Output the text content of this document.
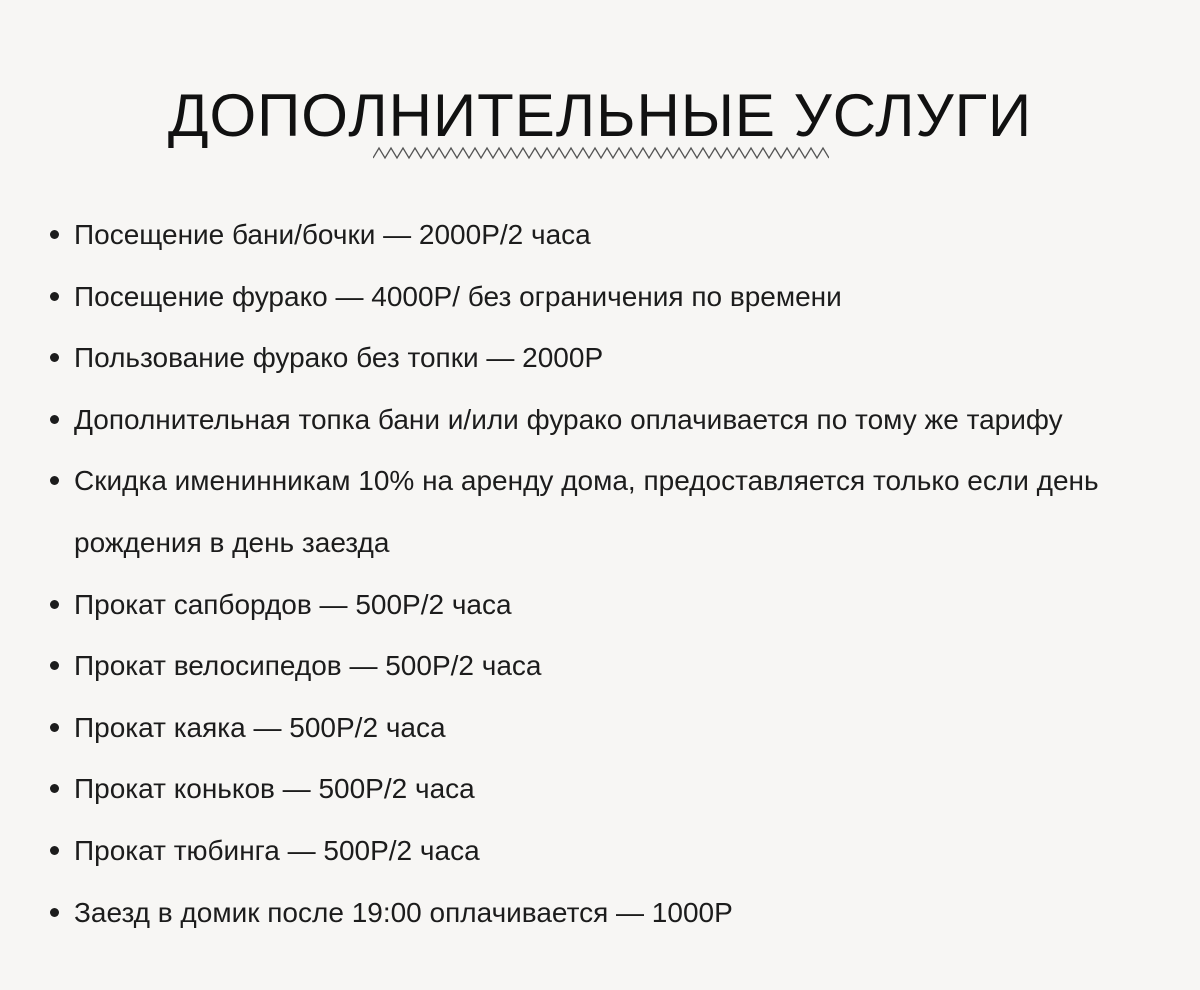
ДОПОЛНИТЕЛЬНЫЕ УСЛУГИ
Посещение бани/бочки — 2000Р/2 часа
Посещение фурако — 4000Р/ без ограничения по времени
Пользование фурако без топки — 2000Р
Дополнительная топка бани и/или фурако оплачивается по тому же тарифу
Скидка именинникам 10% на аренду дома, предоставляется только если день рождения в день заезда
Прокат сапбордов — 500Р/2 часа
Прокат велосипедов — 500Р/2 часа
Прокат каяка — 500Р/2 часа
Прокат коньков — 500Р/2 часа
Прокат тюбинга — 500Р/2 часа
Заезд в домик после 19:00 оплачивается — 1000Р
